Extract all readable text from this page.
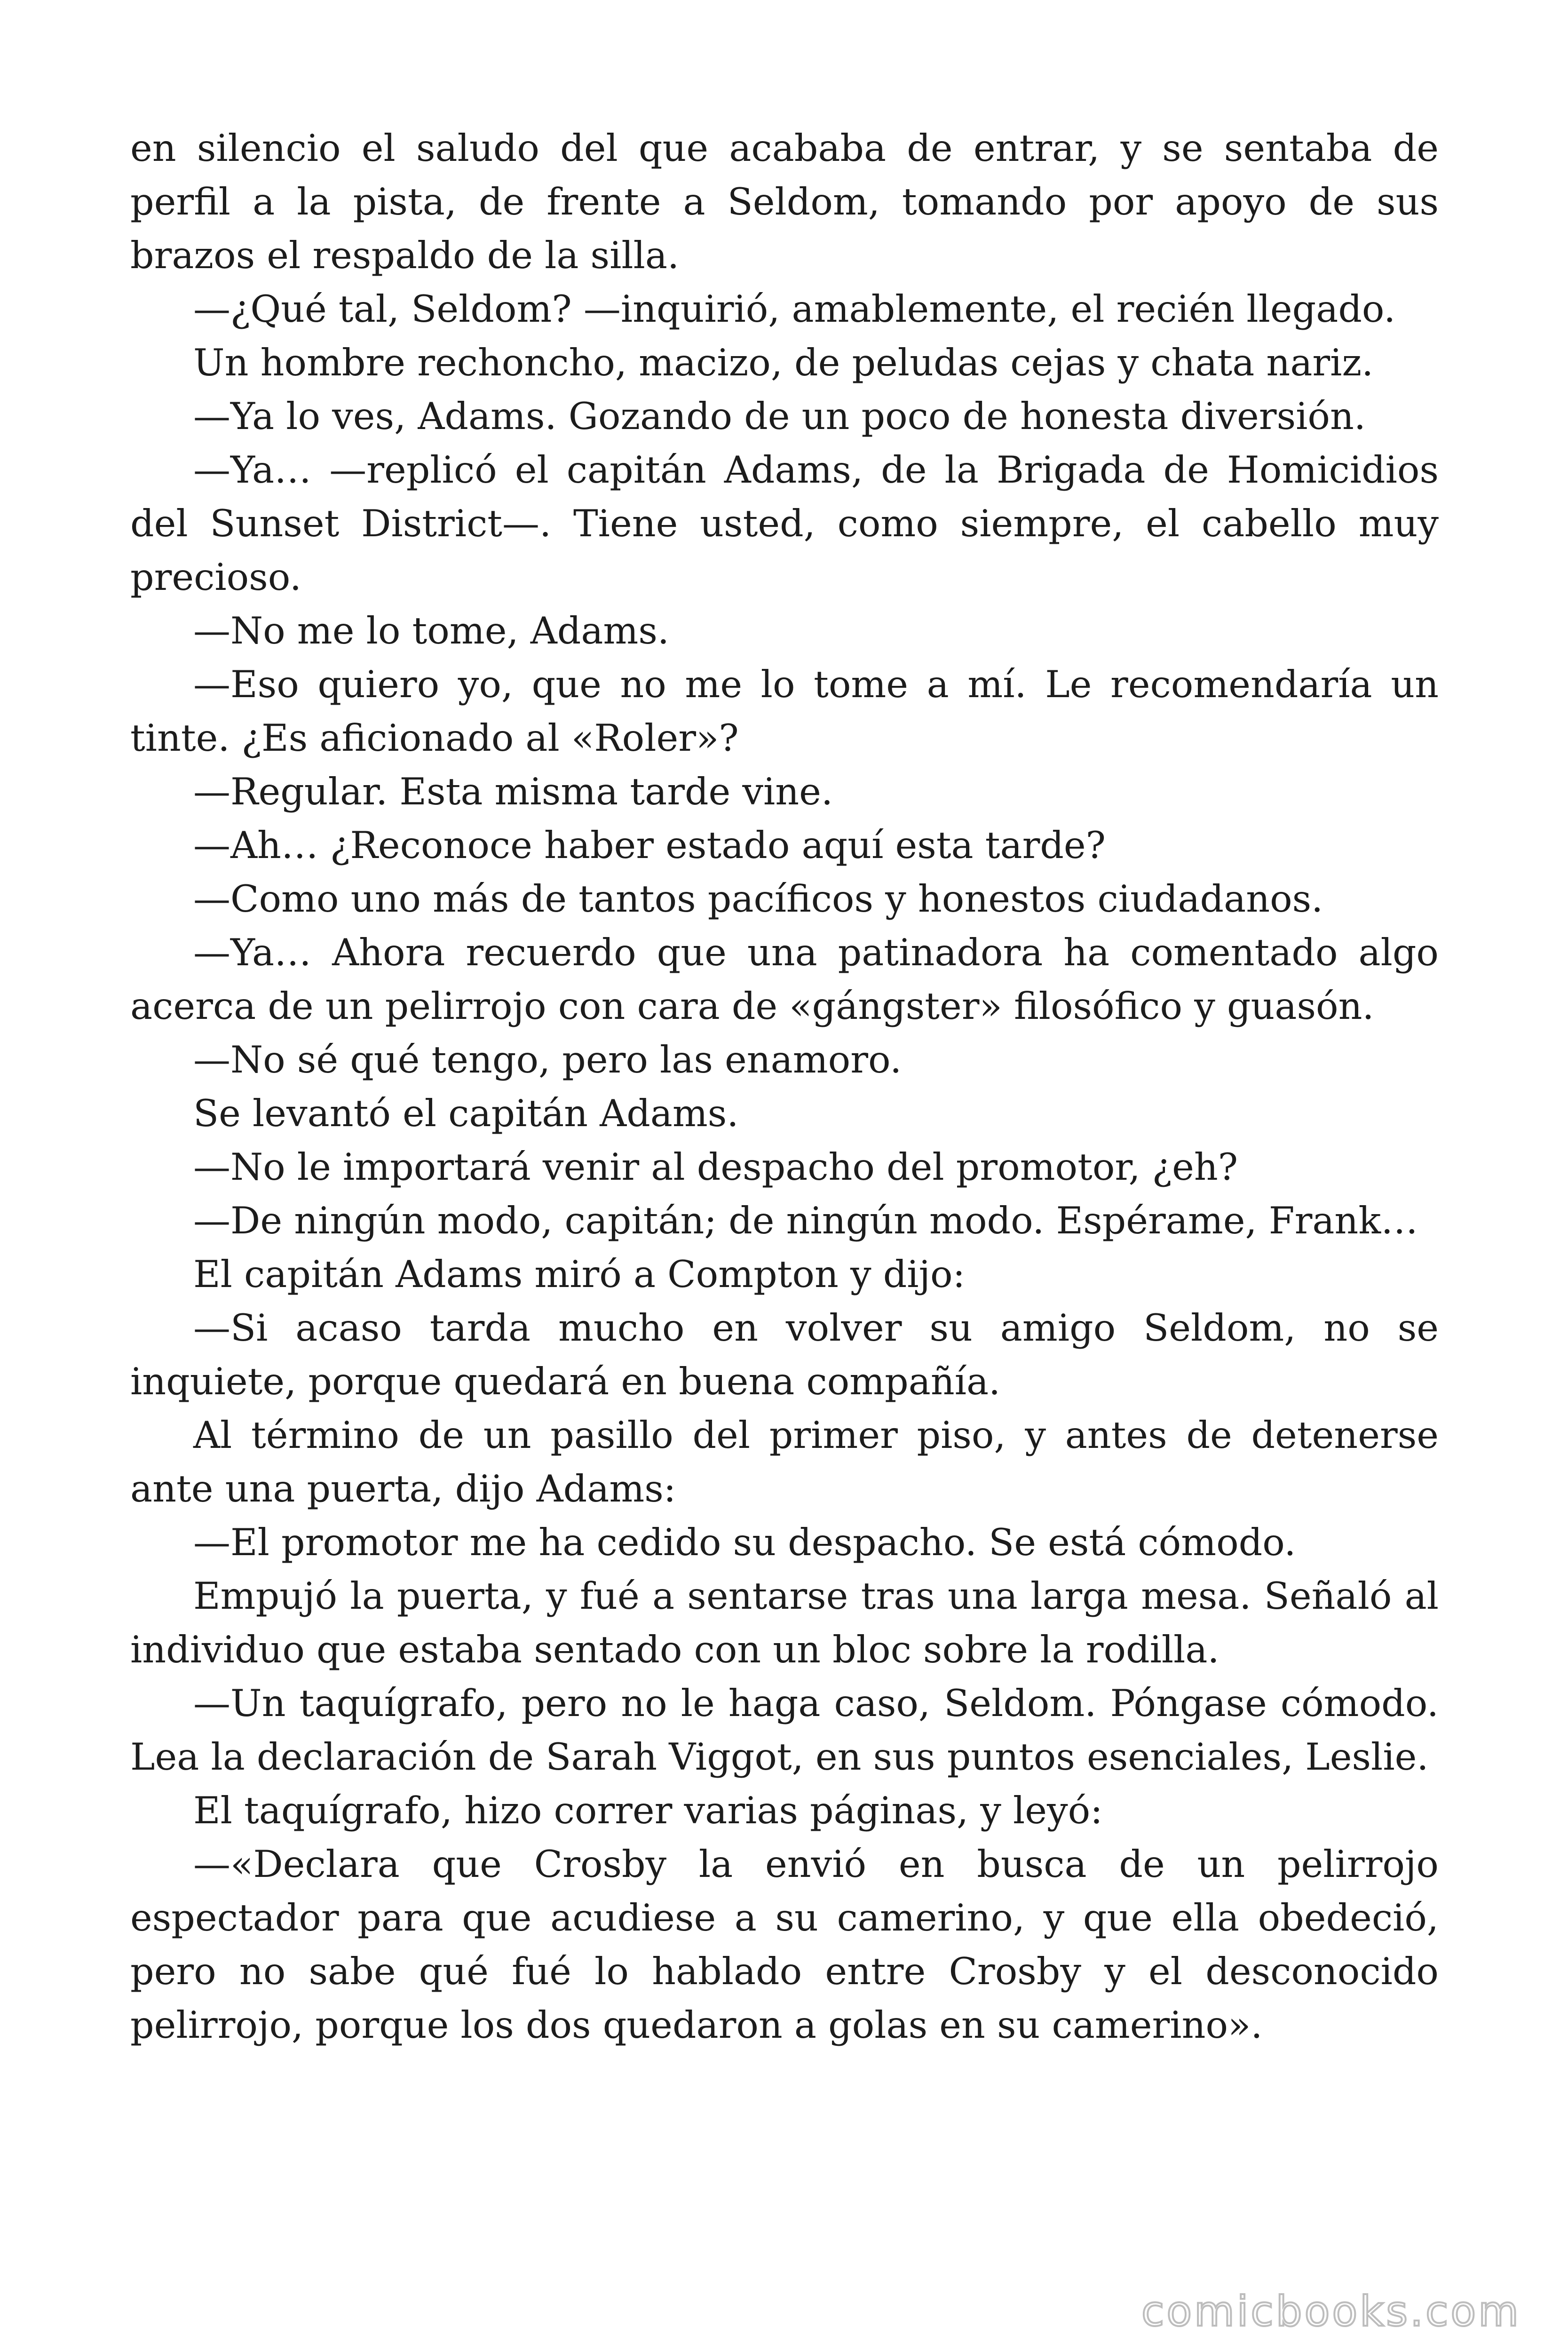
en silencio el saludo del que acababa de entrar, y se sentaba de perfil a la pista, de frente a Seldom, tomando por apoyo de sus brazos el respaldo de la silla.

—¿Qué tal, Seldom? —inquirió, amablemente, el recién llegado.

Un hombre rechoncho, macizo, de peludas cejas y chata nariz.

—Ya lo ves, Adams. Gozando de un poco de honesta diversión.

—Ya… —replicó el capitán Adams, de la Brigada de Homicidios del Sunset District—. Tiene usted, como siempre, el cabello muy precioso.

—No me lo tome, Adams.

—Eso quiero yo, que no me lo tome a mí. Le recomendaría un tinte. ¿Es aficionado al «Roler»?

—Regular. Esta misma tarde vine.

—Ah… ¿Reconoce haber estado aquí esta tarde?

—Como uno más de tantos pacíficos y honestos ciudadanos.

—Ya… Ahora recuerdo que una patinadora ha comentado algo acerca de un pelirrojo con cara de «gángster» filosófico y guasón.

—No sé qué tengo, pero las enamoro.

Se levantó el capitán Adams.

—No le importará venir al despacho del promotor, ¿eh?

—De ningún modo, capitán; de ningún modo. Espérame, Frank…

El capitán Adams miró a Compton y dijo:

—Si acaso tarda mucho en volver su amigo Seldom, no se inquiete, porque quedará en buena compañía.

Al término de un pasillo del primer piso, y antes de detenerse ante una puerta, dijo Adams:

—El promotor me ha cedido su despacho. Se está cómodo.

Empujó la puerta, y fué a sentarse tras una larga mesa. Señaló al individuo que estaba sentado con un bloc sobre la rodilla.

—Un taquígrafo, pero no le haga caso, Seldom. Póngase cómodo. Lea la declaración de Sarah Viggot, en sus puntos esenciales, Leslie.

El taquígrafo, hizo correr varias páginas, y leyó:

—«Declara que Crosby la envió en busca de un pelirrojo espectador para que acudiese a su camerino, y que ella obedeció, pero no sabe qué fué lo hablado entre Crosby y el desconocido pelirrojo, porque los dos quedaron a golas en su camerino».

comicbooks.com
